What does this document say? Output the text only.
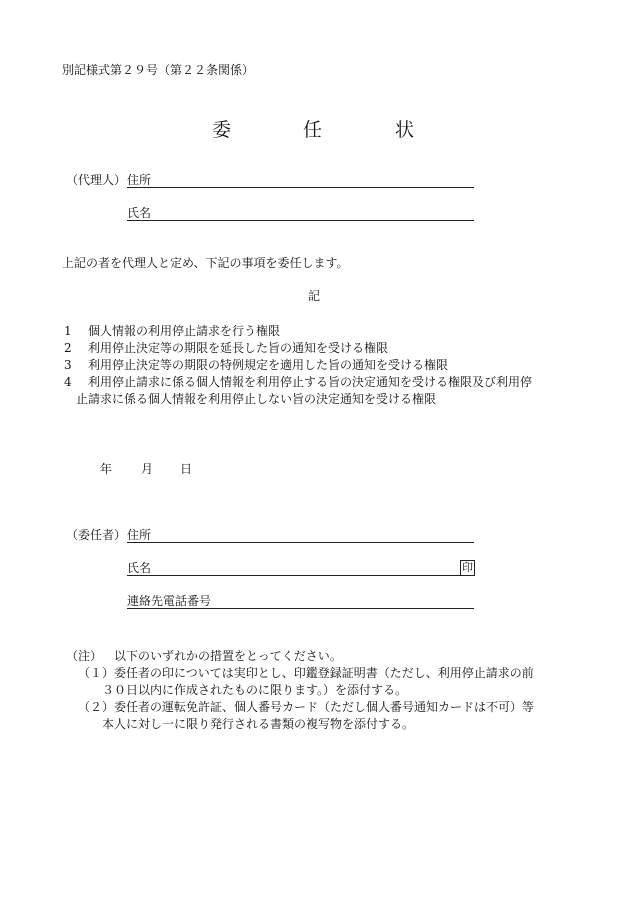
別記様式第２９号（第２２条関係）
委	任	状
（代理人） 住所
氏名
上記の者を代理人と定め、下記の事項を委任します。
記
1 個人情報の利用停止請求を行う権限
2 利用停止決定等の期限を延長した旨の通知を受ける権限
3 利用停止決定等の期限の特例規定を適用した旨の通知を受ける権限
4 利用停止請求に係る個人情報を利用停止する旨の決定通知を受ける権限及び利用停
止請求に係る個人情報を利用停止しない旨の決定通知を受ける権限
年 月 日
（委任者） 住所
氏名	印
連絡先電話番号
（注） 以下のいずれかの措置をとってください。
（１）委任者の印については実印とし、印鑑登録証明書（ただし、利用停止請求の前
３０日以内に作成されたものに限ります。）を添付する。
（２）委任者の運転免許証、個人番号カード（ただし個人番号通知カードは不可）等
本人に対し一に限り発行される書類の複写物を添付する。
